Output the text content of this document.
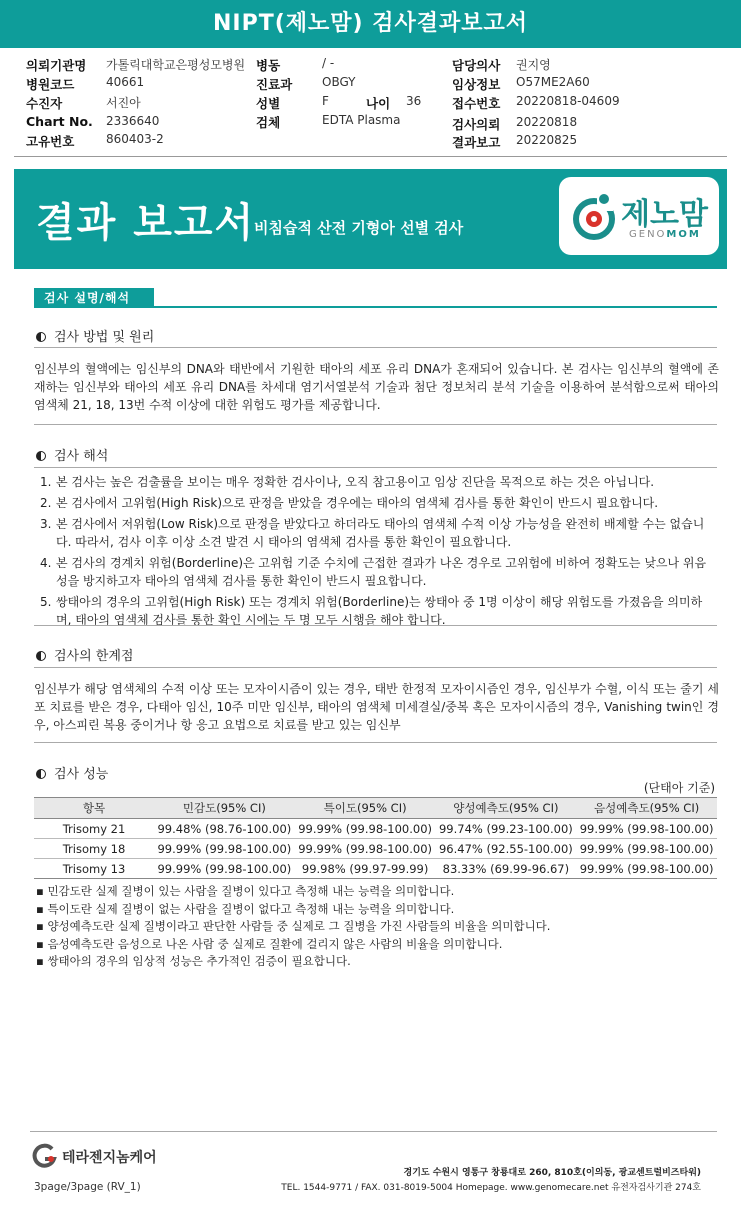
NIPT(제노맘) 검사결과보고서
의뢰기관명 가톨릭대학교은평성모병원
병원코드	40661
수진자	서진아
Chart No. 2336640
고유번호	860403-2
병동	/ -
진료과 OBGY
성별	F	나이 36
검체	EDTA Plasma
담당의사 권지영
임상정보 O57ME2A60
접수번호 20220818-04609
검사의뢰 20220818
결과보고 20220825
결과 보고서
비침습적 산전 기형아 선별 검사	제노맘
GENOMOM
검사 설명/해석
검사 방법 및 원리
임신부의 혈액에는 임신부의 DNA와 태반에서 기원한 태아의 세포 유리 DNA가 혼재되어 있습니다. 본 검사는 임신부의 혈액에 존재하는 임신부와 태아의 세포 유리 DNA를 차세대 염기서열분석 기술과 첨단 정보처리 분석 기술을 이용하여 분석함으로써 태아의 염색체 21, 18, 13번 수적 이상에 대한 위험도 평가를 제공합니다.
검사 해석
1. 본 검사는 높은 검출률을 보이는 매우 정확한 검사이나, 오직 참고용이고 임상 진단을 목적으로 하는 것은 아닙니다.
2. 본 검사에서 고위험(High Risk)으로 판정을 받았을 경우에는 태아의 염색체 검사를 통한 확인이 반드시 필요합니다.
3. 본 검사에서 저위험(Low Risk)으로 판정을 받았다고 하더라도 태아의 염색체 수적 이상 가능성을 완전히 배제할 수는 없습니다. 따라서, 검사 이후 이상 소견 발견 시 태아의 염색체 검사를 통한 확인이 필요합니다.
4. 본 검사의 경계치 위험(Borderline)은 고위험 기준 수치에 근접한 결과가 나온 경우로 고위험에 비하여 정확도는 낮으나 위음성을 방지하고자 태아의 염색체 검사를 통한 확인이 반드시 필요합니다.
5. 쌍태아의 경우의 고위험(High Risk) 또는 경계치 위험(Borderline)는 쌍태아 중 1명 이상이 해당 위험도를 가졌음을 의미하며, 태아의 염색체 검사를 통한 확인 시에는 두 명 모두 시행을 해야 합니다.
검사의 한계점
임신부가 해당 염색체의 수적 이상 또는 모자이시즘이 있는 경우, 태반 한정적 모자이시즘인 경우, 임신부가 수혈, 이식 또는 줄기 세포 치료를 받은 경우, 다태아 임신, 10주 미만 임신부, 태아의 염색체 미세결실/중복 혹은 모자이시즘의 경우, Vanishing twin인 경우, 아스피린 복용 중이거나 항 응고 요법으로 치료를 받고 있는 임신부
검사 성능
(단태아 기준)
항목	민감도(95% CI)	특이도(95% CI)	양성예측도(95% CI)	음성예측도(95% CI)
Trisomy 21	99.48% (98.76-100.00)	99.99% (99.98-100.00)	99.74% (99.23-100.00)	99.99% (99.98-100.00)
Trisomy 18	99.99% (99.98-100.00)	99.99% (99.98-100.00)	96.47% (92.55-100.00)	99.99% (99.98-100.00)
Trisomy 13	99.99% (99.98-100.00)	99.98% (99.97-99.99)	83.33% (69.99-96.67)	99.99% (99.98-100.00)
▪ 민감도란 실제 질병이 있는 사람을 질병이 있다고 측정해 내는 능력을 의미합니다.
▪ 특이도란 실제 질병이 없는 사람을 질병이 없다고 측정해 내는 능력을 의미합니다.
▪ 양성예측도란 실제 질병이라고 판단한 사람들 중 실제로 그 질병을 가진 사람들의 비율을 의미합니다.
▪ 음성예측도란 음성으로 나온 사람 중 실제로 질환에 걸리지 않은 사람의 비율을 의미합니다.
▪ 쌍태아의 경우의 임상적 성능은 추가적인 검증이 필요합니다.
테라젠지놈케어
3page/3page (RV_1)
경기도 수원시 영통구 창룡대로 260, 810호(이의동, 광교센트럴비즈타워)
TEL. 1544-9771 / FAX. 031-8019-5004 Homepage. www.genomecare.net 유전자검사기관 274호
